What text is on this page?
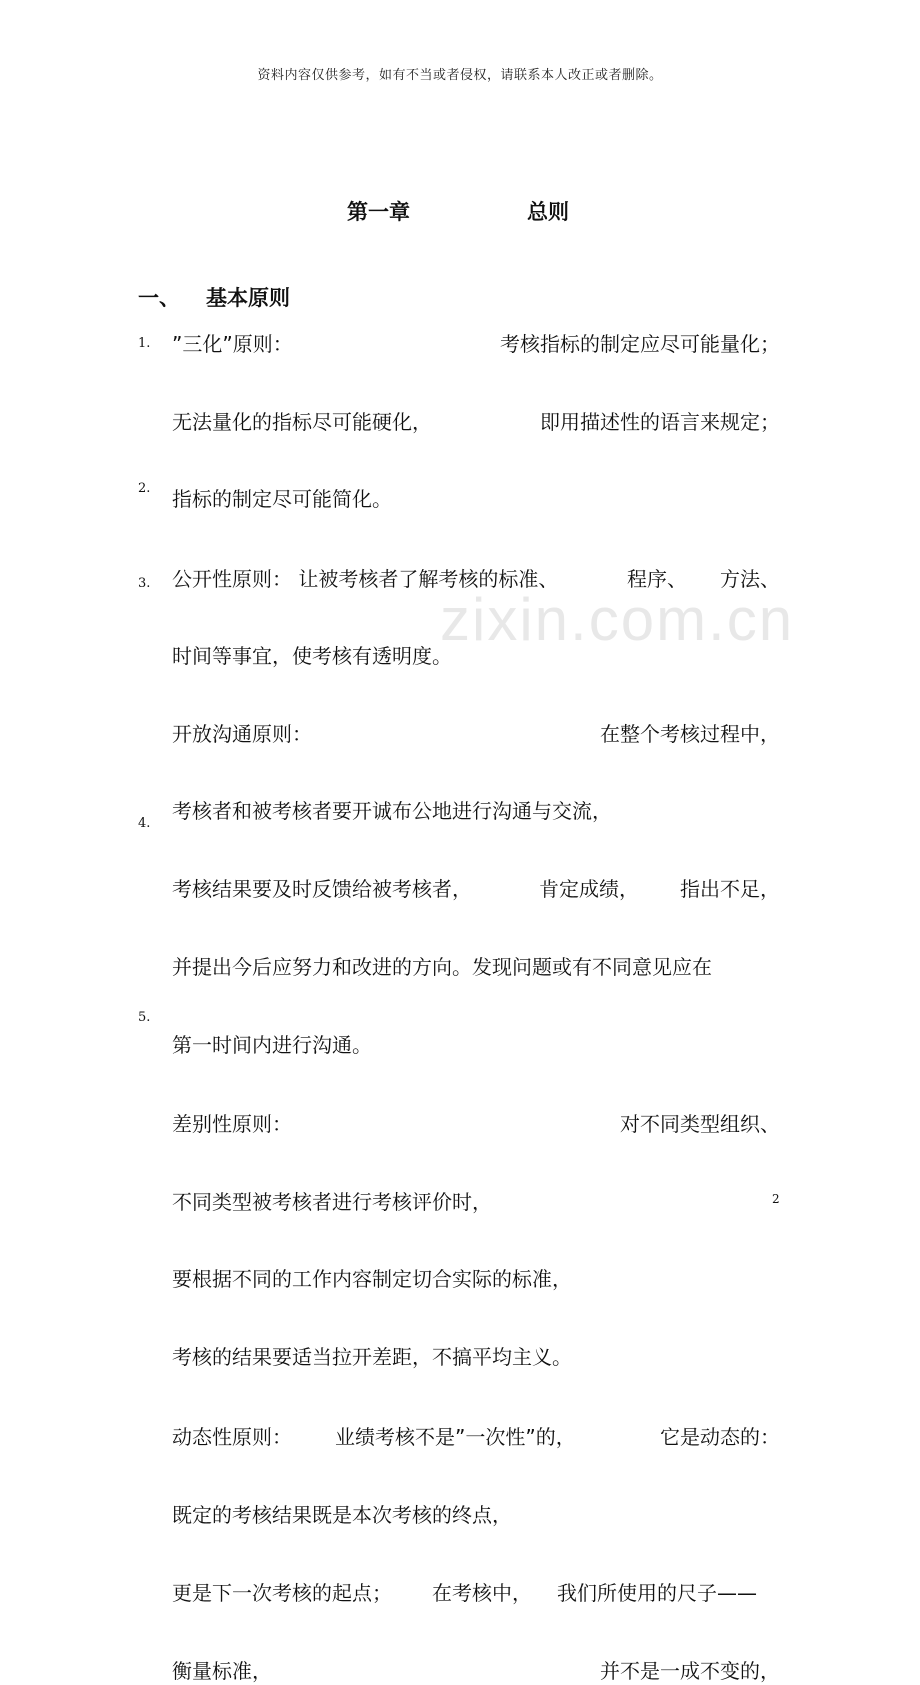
资料内容仅供参考，如有不当或者侵权，请联系本人改正或者删除。
第一章	总则
一、 基本原则
zixin.com.cn
1. ”三化”原则：	考核指标的制定应尽可能量化；
无法量化的指标尽可能硬化，	即用描述性的语言来规定；
指标的制定尽可能简化。
2.
公开性原则： 让被考核者了解考核的标准、	程序、 方法、
时间等事宜，使考核有透明度。
3.
开放沟通原则：	在整个考核过程中，
考核者和被考核者要开诚布公地进行沟通与交流，
考核结果要及时反馈给被考核者，	肯定成绩， 指出不足，
并提出今后应努力和改进的方向。发现问题或有不同意见应在
第一时间内进行沟通。
4.
差别性原则：	对不同类型组织、
不同类型被考核者进行考核评价时，
要根据不同的工作内容制定切合实际的标准，
考核的结果要适当拉开差距，不搞平均主义。
5.
动态性原则： 业绩考核不是”一次性”的，	它是动态的：
既定的考核结果既是本次考核的终点，
更是下一次考核的起点； 在考核中， 我们所使用的尺子——
衡量标准，	并不是一成不变的，
2
